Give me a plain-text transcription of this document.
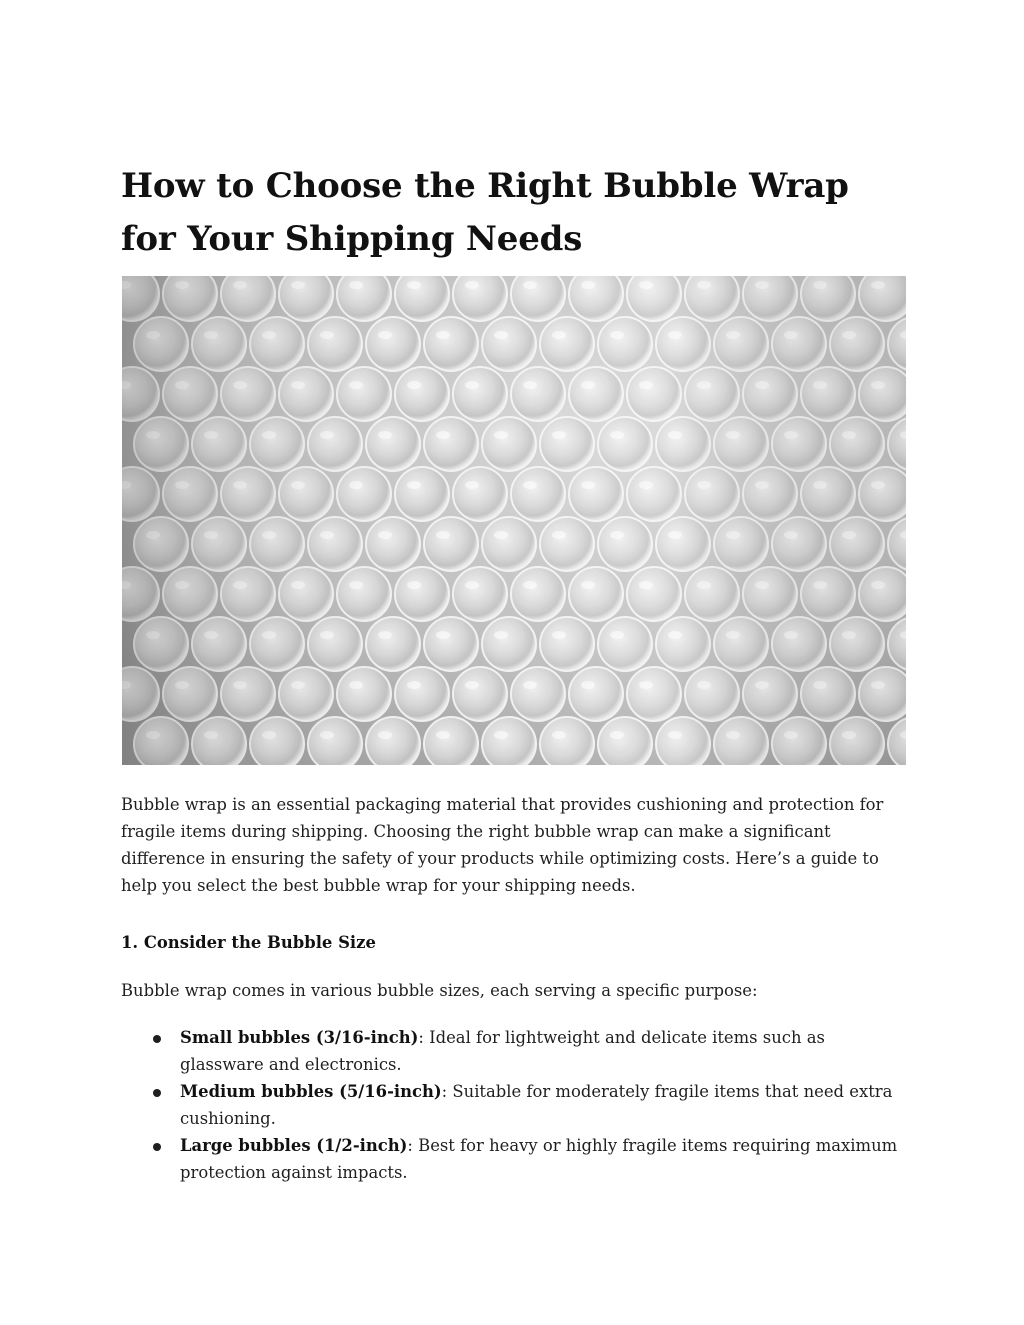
How to Choose the Right Bubble Wrap for Your Shipping Needs

Bubble wrap is an essential packaging material that provides cushioning and protection for fragile items during shipping. Choosing the right bubble wrap can make a significant difference in ensuring the safety of your products while optimizing costs. Here’s a guide to help you select the best bubble wrap for your shipping needs.

1. Consider the Bubble Size

Bubble wrap comes in various bubble sizes, each serving a specific purpose:

Small bubbles (3/16-inch): Ideal for lightweight and delicate items such as glassware and electronics.
Medium bubbles (5/16-inch): Suitable for moderately fragile items that need extra cushioning.
Large bubbles (1/2-inch): Best for heavy or highly fragile items requiring maximum protection against impacts.
